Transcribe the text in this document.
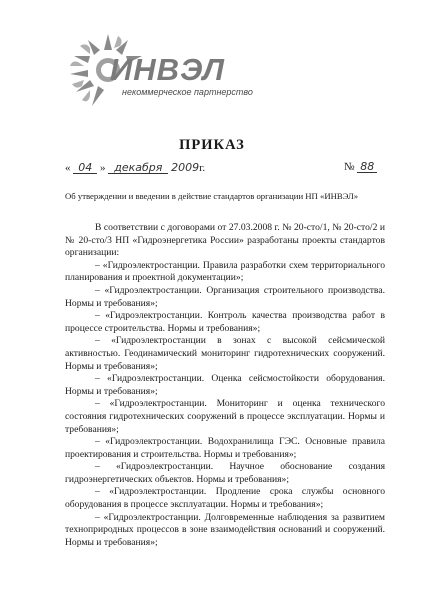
ИНВЭЛ
некоммерческое партнерство
ПРИКАЗ
« 04 » декабря 2009г.	№ 88
Об утверждении и введении в действие стандартов организации НП «ИНВЭЛ»

В соответствии с договорами от 27.03.2008 г. № 20-сто/1, № 20-сто/2 и № 20-сто/3 НП «Гидроэнергетика России» разработаны проекты стандартов организации:

– «Гидроэлектростанции. Правила разработки схем территориального планирования и проектной документации»;
– «Гидроэлектростанции. Организация строительного производства. Нормы и требования»;
– «Гидроэлектростанции. Контроль качества производства работ в процессе строительства. Нормы и требования»;
– «Гидроэлектростанции в зонах с высокой сейсмической активностью. Геодинамический мониторинг гидротехнических сооружений. Нормы и требования»;
– «Гидроэлектростанции. Оценка сейсмостойкости оборудования. Нормы и требования»;
– «Гидроэлектростанции. Мониторинг и оценка технического состояния гидротехнических сооружений в процессе эксплуатации. Нормы и требования»;
– «Гидроэлектростанции. Водохранилища ГЭС. Основные правила проектирования и строительства. Нормы и требования»;
– «Гидроэлектростанции. Научное обоснование создания гидроэнергетических объектов. Нормы и требования»;
– «Гидроэлектростанции. Продление срока службы основного оборудования в процессе эксплуатации. Нормы и требования»;
– «Гидроэлектростанции. Долговременные наблюдения за развитием технoприродных процессов в зоне взаимодействия оснований и сооружений. Нормы и требования»;
